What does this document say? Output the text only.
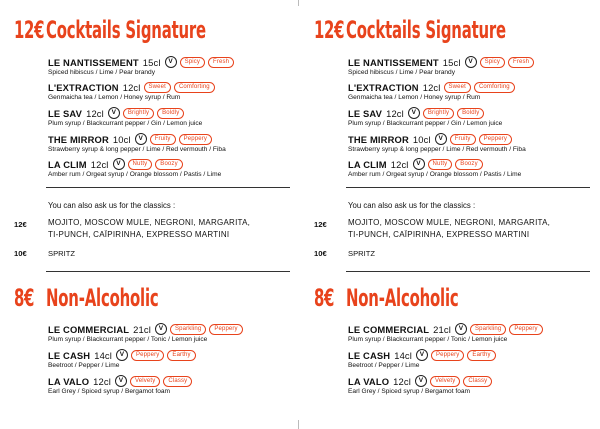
12€ Cocktails Signature
LE NANTISSEMENT 15cl	V	Spicy	Fresh
Spiced hibiscus / Lime / Pear brandy
L'EXTRACTION 12cl	Sweet	Comforting
Genmaicha tea / Lemon / Honey syrup / Rum
LE SAV 12cl	V	Brightly	Boldly
Plum syrup / Blackcurrant pepper / Gin / Lemon juice
THE MIRROR 10cl	V	Fruity	Peppery
Strawberry syrup & long pepper / Lime / Red vermouth / Fiba
LA CLIM 12cl	V	Nutty	Boozy
Amber rum / Orgeat syrup / Orange blossom / Pastis / Lime
You can also ask us for the classics :
12€	MOJITO, MOSCOW MULE, NEGRONI, MARGARITA,
TI-PUNCH, CAÏPIRINHA, EXPRESSO MARTINI
10€	SPRITZ
8€ Non-Alcoholic
LE COMMERCIAL 21cl	V	Sparkling	Peppery
Plum syrup / Blackcurrant pepper / Tonic / Lemon juice
LE CASH 14cl	V	Peppery	Earthy
Beetroot / Pepper / Lime
LA VALO 12cl	V	Velvety	Classy
Earl Grey / Spiced syrup / Bergamot foam
12€ Cocktails Signature
LE NANTISSEMENT 15cl	V	Spicy	Fresh
Spiced hibiscus / Lime / Pear brandy
L'EXTRACTION 12cl	Sweet	Comforting
Genmaicha tea / Lemon / Honey syrup / Rum
LE SAV 12cl	V	Brightly	Boldly
Plum syrup / Blackcurrant pepper / Gin / Lemon juice
THE MIRROR 10cl	V	Fruity	Peppery
Strawberry syrup & long pepper / Lime / Red vermouth / Fiba
LA CLIM 12cl	V	Nutty	Boozy
Amber rum / Orgeat syrup / Orange blossom / Pastis / Lime
You can also ask us for the classics :
12€	MOJITO, MOSCOW MULE, NEGRONI, MARGARITA,
TI-PUNCH, CAÏPIRINHA, EXPRESSO MARTINI
10€	SPRITZ
8€ Non-Alcoholic
LE COMMERCIAL 21cl	V	Sparkling	Peppery
Plum syrup / Blackcurrant pepper / Tonic / Lemon juice
LE CASH 14cl	V	Peppery	Earthy
Beetroot / Pepper / Lime
LA VALO 12cl	V	Velvety	Classy
Earl Grey / Spiced syrup / Bergamot foam
